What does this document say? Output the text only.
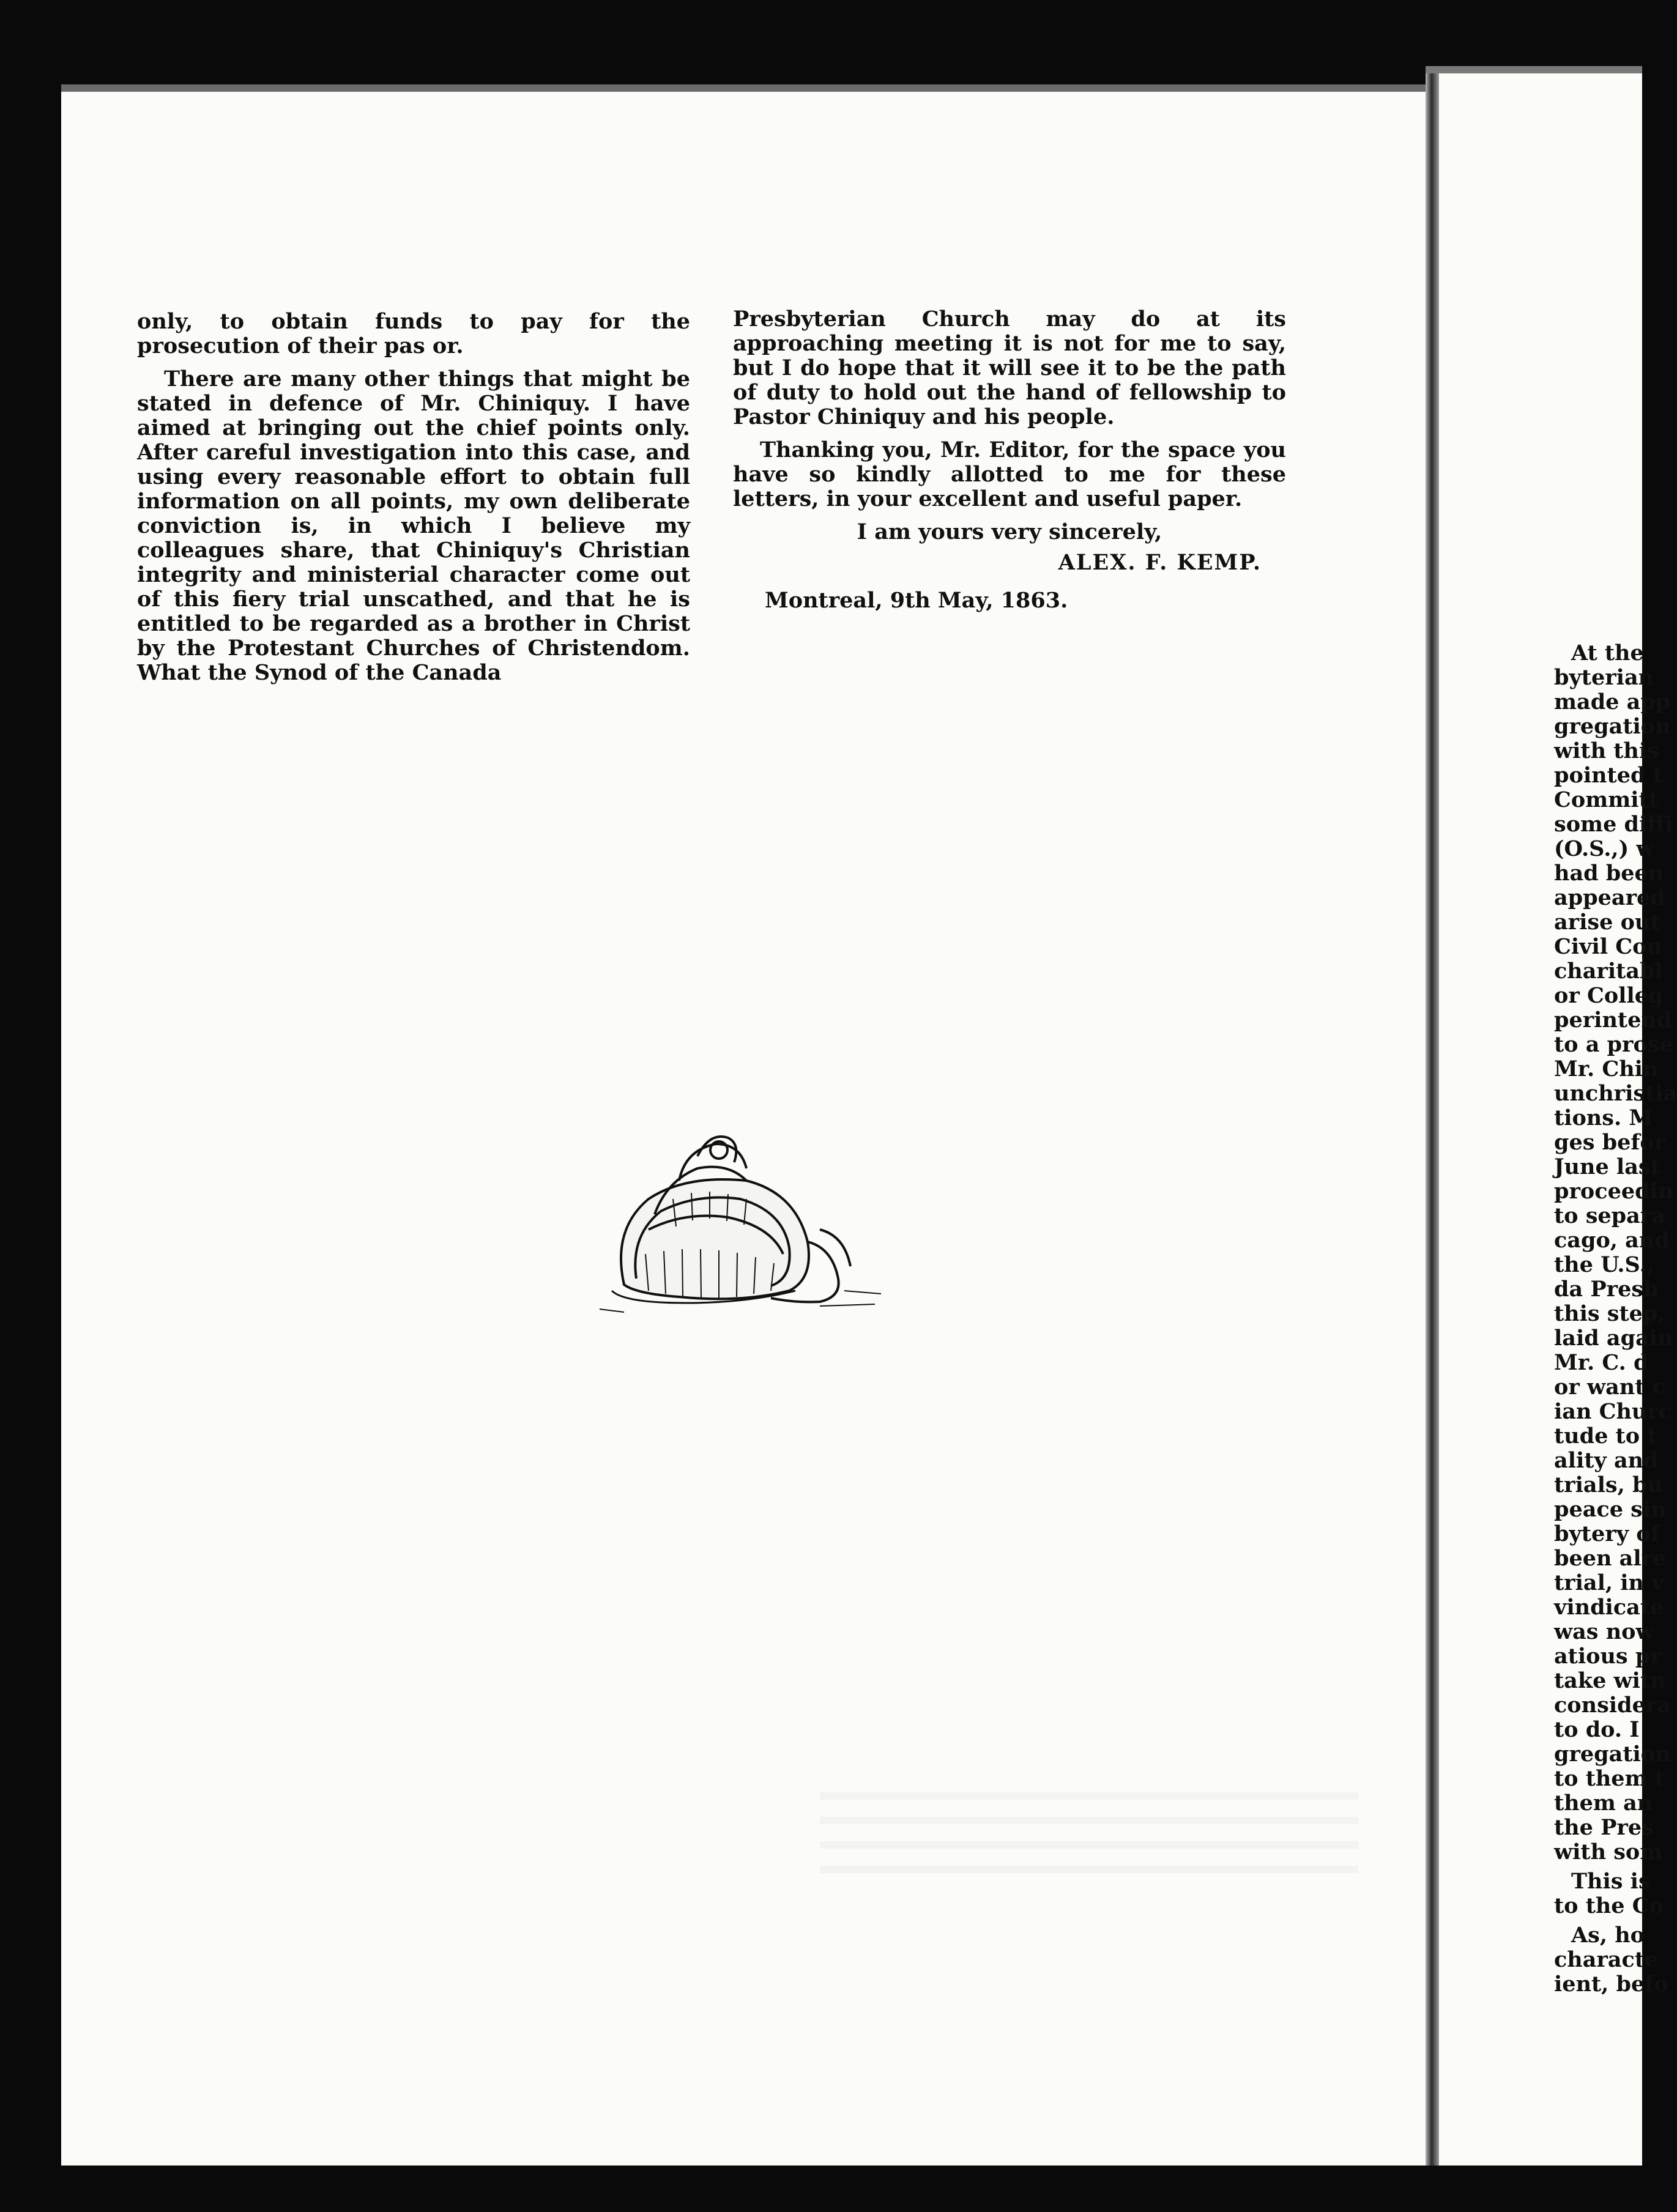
only, to obtain funds to pay for the prosecution of their pas or.

There are many other things that might be stated in defence of Mr. Chiniquy. I have aimed at bringing out the chief points only. After careful investigation into this case, and using every reasonable effort to obtain full information on all points, my own deliberate conviction is, in which I believe my colleagues share, that Chiniquy's Christian integrity and ministerial character come out of this fiery trial unscathed, and that he is entitled to be regarded as a brother in Christ by the Protestant Churches of Christendom. What the Synod of the Canada

Presbyterian Church may do at its approaching meeting it is not for me to say, but I do hope that it will see it to be the path of duty to hold out the hand of fellowship to Pastor Chiniquy and his people.

Thanking you, Mr. Editor, for the space you have so kindly allotted to me for these letters, in your excellent and useful paper.

I am yours very sincerely,

ALEX. F. KEMP.

Montreal, 9th May, 1863.

At the
byterian
made app
gregation
with this
pointed t
Committ
some diffi
(O.S.,) w
had been
appeared
arise out
Civil Cou
charitabl
or Colleg
perintend
to a prose
Mr. Chin
unchristia
tions. M
ges befor
June last
proceedin
to separa
cago, and
the U.S.,
da Presb
this step,
laid again
Mr. C. d
or want c
ian Churc
tude to t
ality and
trials, bu
peace sin
bytery of
been alre
trial, in v
vindicate
was now
atious pr
take witn
considera
to do. I
gregation
to them t
them an
the Pres
with som
This is
to the Co
As, ho
characte
ient, befo
